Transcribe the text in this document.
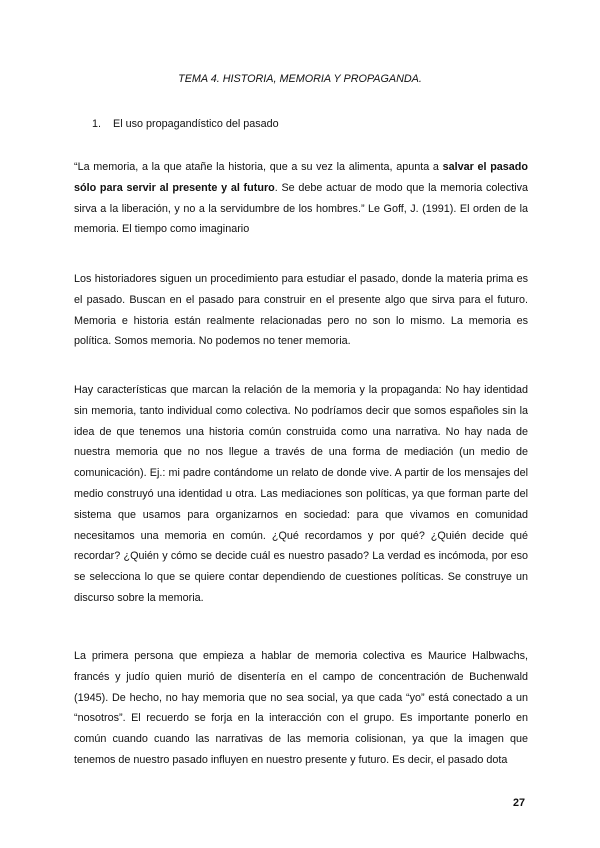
TEMA 4. HISTORIA, MEMORIA Y PROPAGANDA.
1. El uso propagandístico del pasado

“La memoria, a la que atañe la historia, que a su vez la alimenta, apunta a salvar el pasado sólo para servir al presente y al futuro. Se debe actuar de modo que la memoria colectiva sirva a la liberación, y no a la servidumbre de los hombres.” Le Goff, J. (1991). El orden de la memoria. El tiempo como imaginario

Los historiadores siguen un procedimiento para estudiar el pasado, donde la materia prima es el pasado. Buscan en el pasado para construir en el presente algo que sirva para el futuro. Memoria e historia están realmente relacionadas pero no son lo mismo. La memoria es política. Somos memoria. No podemos no tener memoria.

Hay características que marcan la relación de la memoria y la propaganda: No hay identidad sin memoria, tanto individual como colectiva. No podríamos decir que somos españoles sin la idea de que tenemos una historia común construida como una narrativa. No hay nada de nuestra memoria que no nos llegue a través de una forma de mediación (un medio de comunicación). Ej.: mi padre contándome un relato de donde vive. A partir de los mensajes del medio construyó una identidad u otra. Las mediaciones son políticas, ya que forman parte del sistema que usamos para organizarnos en sociedad: para que vivamos en comunidad necesitamos una memoria en común. ¿Qué recordamos y por qué? ¿Quién decide qué recordar? ¿Quién y cómo se decide cuál es nuestro pasado? La verdad es incómoda, por eso se selecciona lo que se quiere contar dependiendo de cuestiones políticas. Se construye un discurso sobre la memoria.

La primera persona que empieza a hablar de memoria colectiva es Maurice Halbwachs, francés y judío quien murió de disentería en el campo de concentración de Buchenwald (1945). De hecho, no hay memoria que no sea social, ya que cada “yo” está conectado a un “nosotros”. El recuerdo se forja en la interacción con el grupo. Es importante ponerlo en común cuando cuando las narrativas de las memoria colisionan, ya que la imagen que tenemos de nuestro pasado influyen en nuestro presente y futuro. Es decir, el pasado dota

27
